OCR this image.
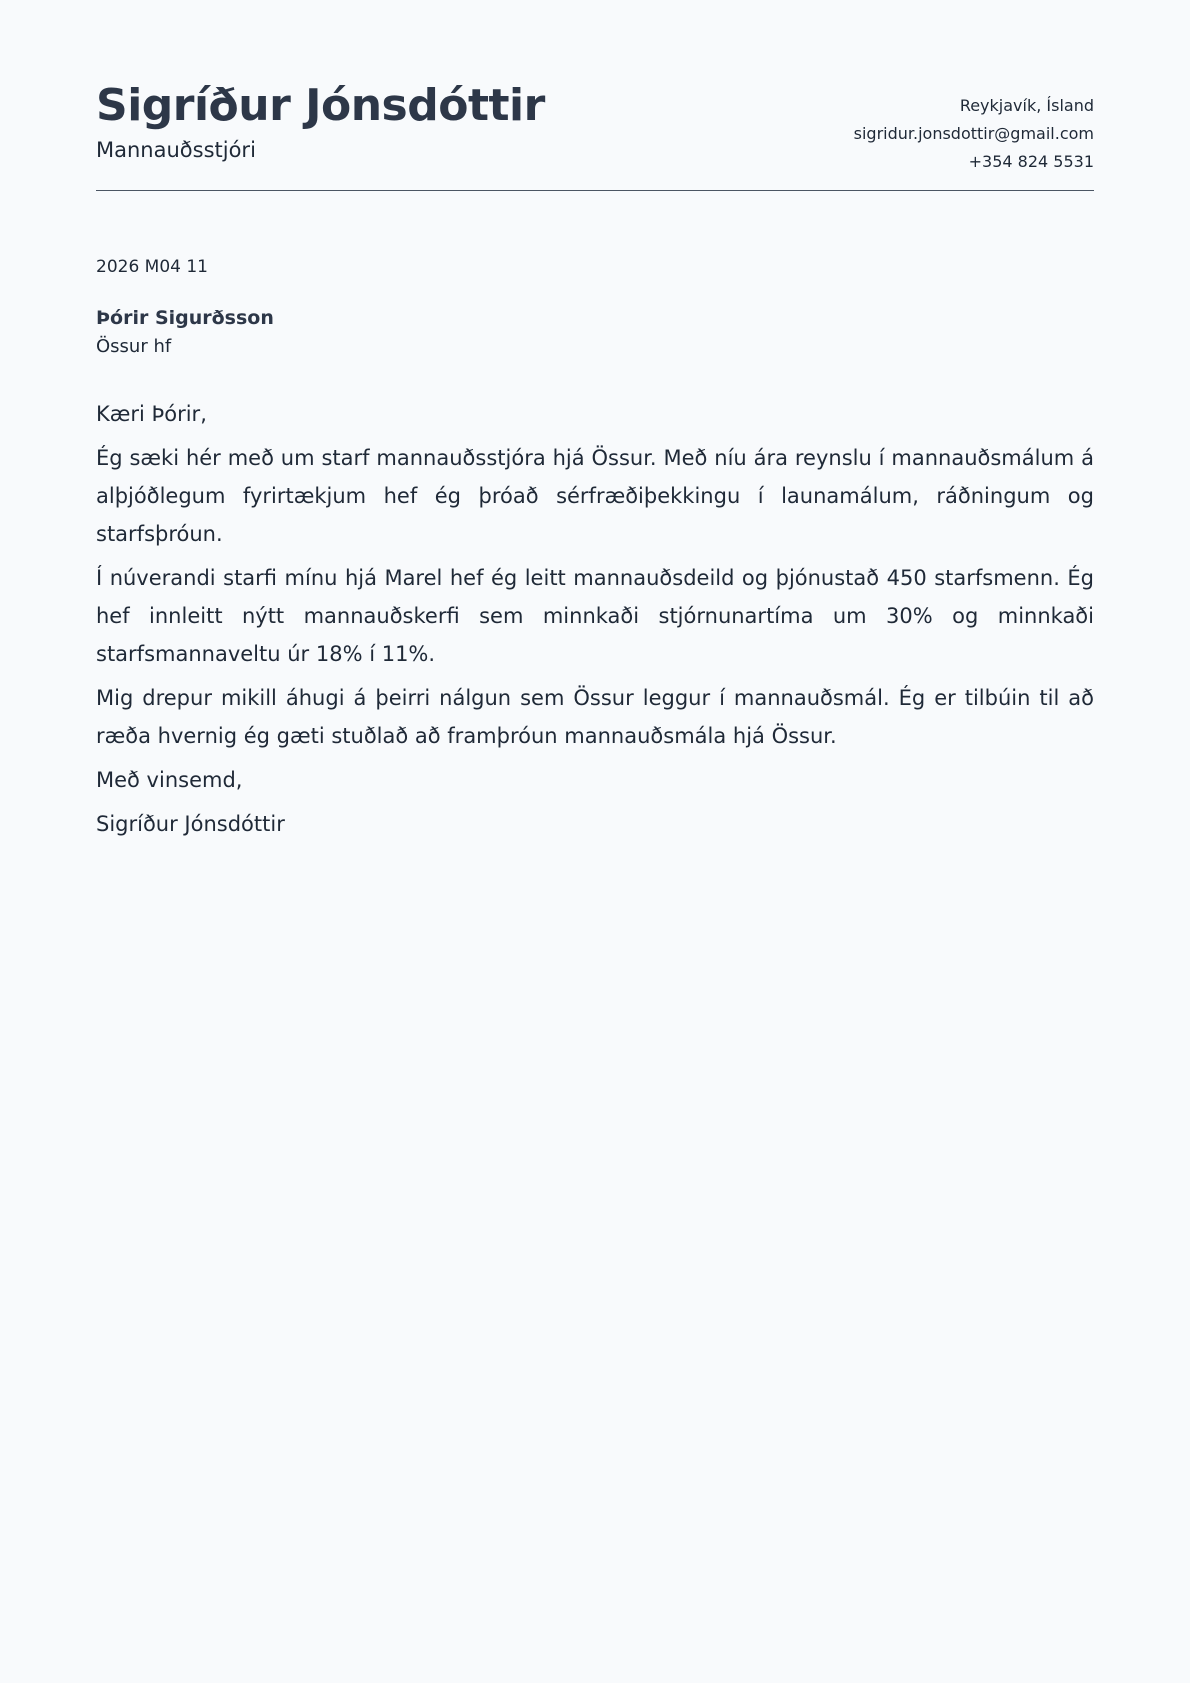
Sigríður Jónsdóttir
Mannauðsstjóri
Reykjavík, Ísland
sigridur.jonsdottir@gmail.com
+354 824 5531
2026 M04 11
Þórir Sigurðsson
Össur hf

Kæri Þórir,

Ég sæki hér með um starf mannauðsstjóra hjá Össur. Með níu ára reynslu í mannauðsmálum á alþjóðlegum fyrirtækjum hef ég þróað sérfræðiþekkingu í launamálum, ráðningum og starfsþróun.

Í núverandi starfi mínu hjá Marel hef ég leitt mannauðsdeild og þjónustað 450 starfsmenn. Ég hef innleitt nýtt mannauðskerfi sem minnkaði stjórnunartíma um 30% og minnkaði starfsmannaveltu úr 18% í 11%.

Mig drepur mikill áhugi á þeirri nálgun sem Össur leggur í mannauðsmál. Ég er tilbúin til að ræða hvernig ég gæti stuðlað að framþróun mannauðsmála hjá Össur.

Með vinsemd,

Sigríður Jónsdóttir
